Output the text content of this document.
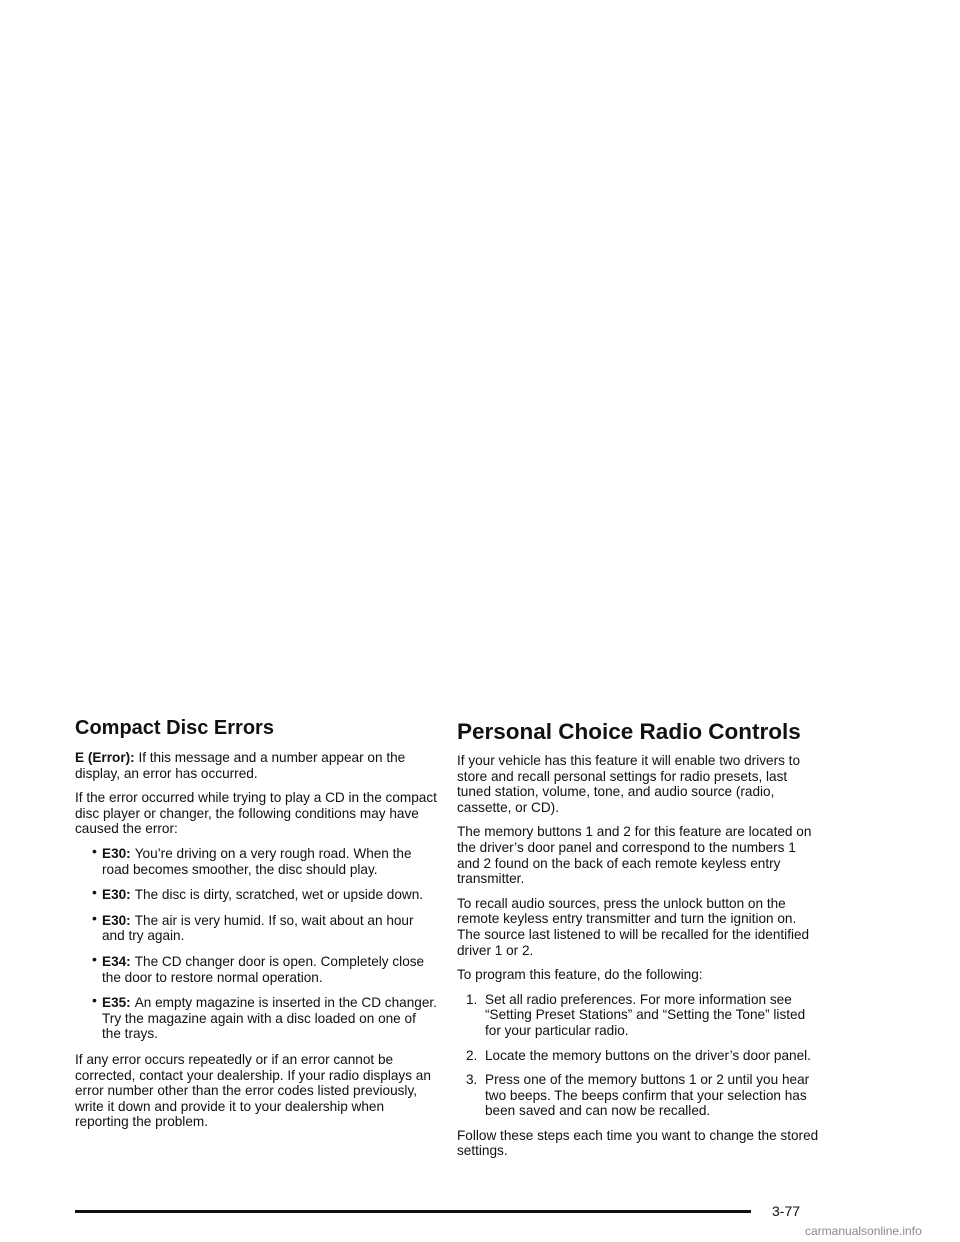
Compact Disc Errors

E (Error): If this message and a number appear on the display, an error has occurred.

If the error occurred while trying to play a CD in the compact disc player or changer, the following conditions may have caused the error:

• E30: You’re driving on a very rough road. When the road becomes smoother, the disc should play.
• E30: The disc is dirty, scratched, wet or upside down.
• E30: The air is very humid. If so, wait about an hour and try again.
• E34: The CD changer door is open. Completely close the door to restore normal operation.
• E35: An empty magazine is inserted in the CD changer. Try the magazine again with a disc loaded on one of the trays.

If any error occurs repeatedly or if an error cannot be corrected, contact your dealership. If your radio displays an error number other than the error codes listed previously, write it down and provide it to your dealership when reporting the problem.

Personal Choice Radio Controls

If your vehicle has this feature it will enable two drivers to store and recall personal settings for radio presets, last tuned station, volume, tone, and audio source (radio, cassette, or CD).

The memory buttons 1 and 2 for this feature are located on the driver’s door panel and correspond to the numbers 1 and 2 found on the back of each remote keyless entry transmitter.

To recall audio sources, press the unlock button on the remote keyless entry transmitter and turn the ignition on. The source last listened to will be recalled for the identified driver 1 or 2.

To program this feature, do the following:

1. Set all radio preferences. For more information see “Setting Preset Stations” and “Setting the Tone” listed for your particular radio.
2. Locate the memory buttons on the driver’s door panel.
3. Press one of the memory buttons 1 or 2 until you hear two beeps. The beeps confirm that your selection has been saved and can now be recalled.

Follow these steps each time you want to change the stored settings.

3-77
carmanualsonline.info
